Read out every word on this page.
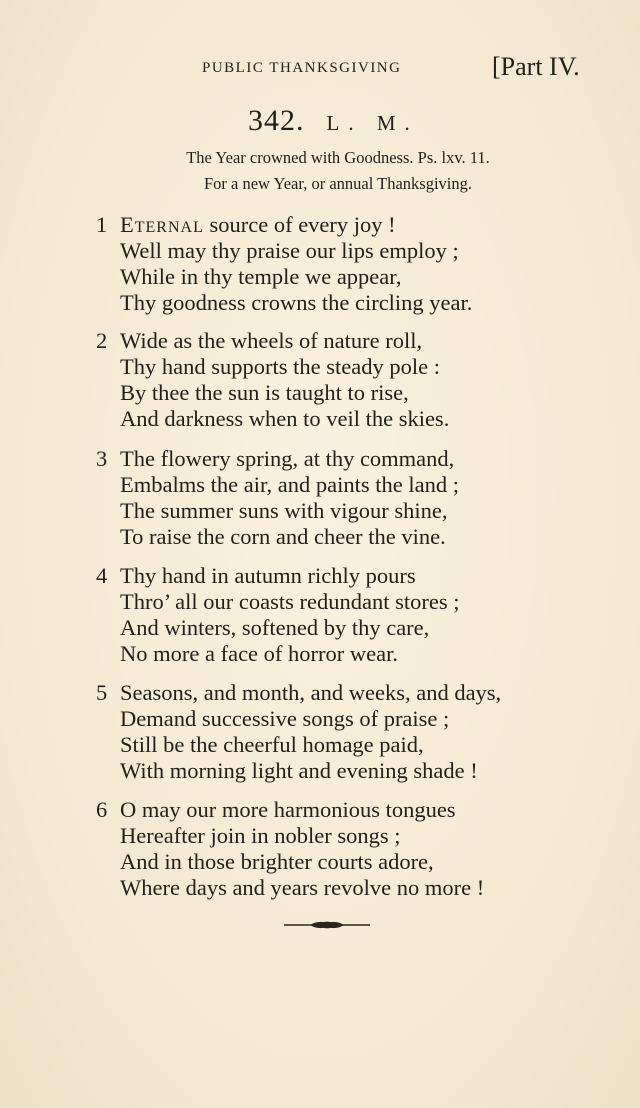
PUBLIC THANKSGIVING	[Part IV.
342. L. M.
The Year crowned with Goodness. Ps. lxv. 11.
For a new Year, or annual Thanksgiving.
1 Eternal source of every joy !
Well may thy praise our lips employ ;
While in thy temple we appear,
Thy goodness crowns the circling year.
2 Wide as the wheels of nature roll,
Thy hand supports the steady pole :
By thee the sun is taught to rise,
And darkness when to veil the skies.
3 The flowery spring, at thy command,
Embalms the air, and paints the land ;
The summer suns with vigour shine,
To raise the corn and cheer the vine.
4 Thy hand in autumn richly pours
Thro’ all our coasts redundant stores ;
And winters, softened by thy care,
No more a face of horror wear.
5 Seasons, and month, and weeks, and days,
Demand successive songs of praise ;
Still be the cheerful homage paid,
With morning light and evening shade !
6 O may our more harmonious tongues
Hereafter join in nobler songs ;
And in those brighter courts adore,
Where days and years revolve no more !
